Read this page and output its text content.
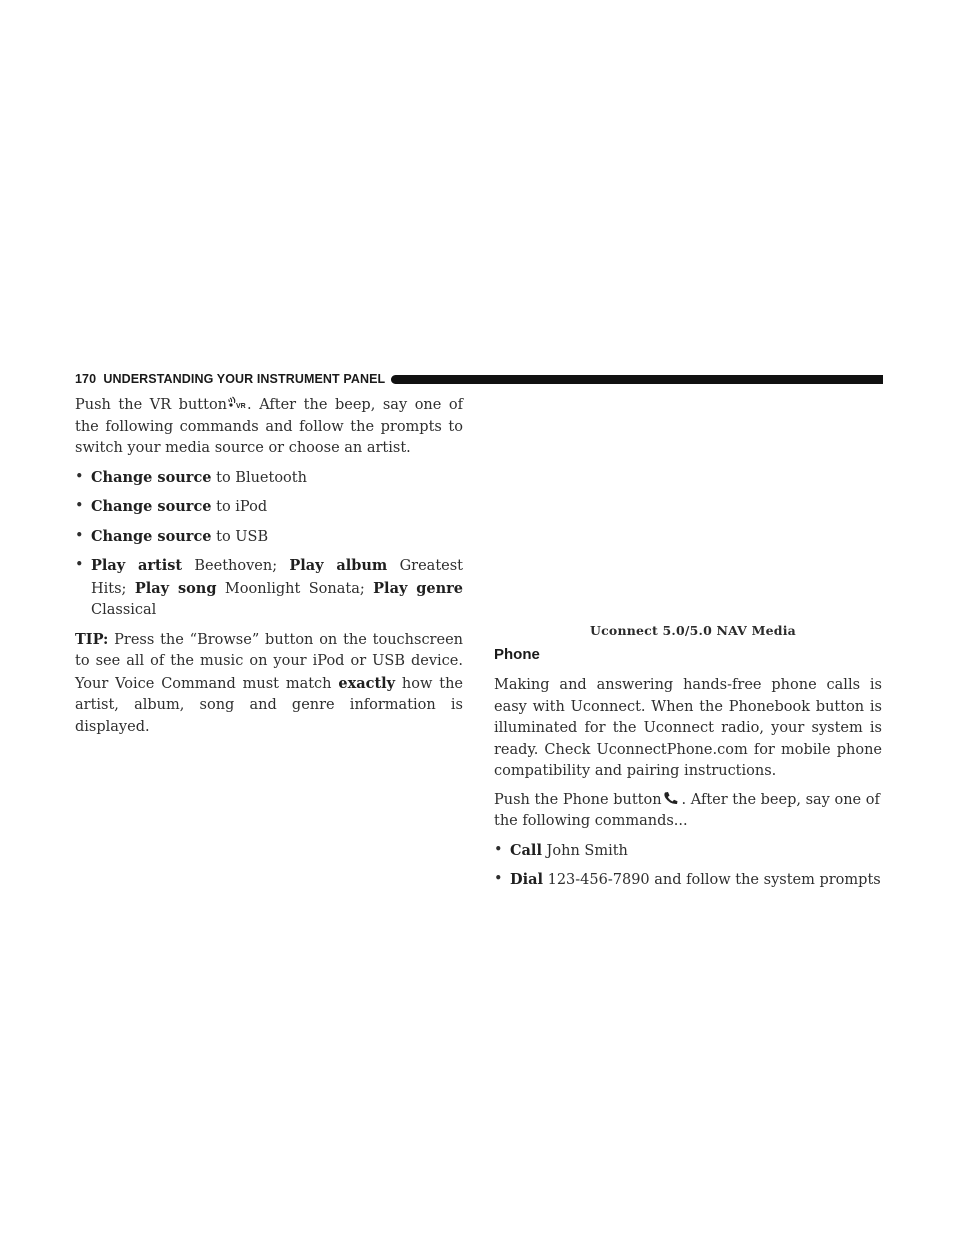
170 UNDERSTANDING YOUR INSTRUMENT PANEL

Push the VR button VR . After the beep, say one of the following commands and follow the prompts to switch your media source or choose an artist.

• Change source to Bluetooth
• Change source to iPod
• Change source to USB
• Play artist Beethoven; Play album Greatest Hits; Play song Moonlight Sonata; Play genre Classical

TIP: Press the “Browse” button on the touchscreen to see all of the music on your iPod or USB device. Your Voice Command must match exactly how the artist, album, song and genre information is displayed.

Uconnect 5.0/5.0 NAV Media
Phone

Making and answering hands-free phone calls is easy with Uconnect. When the Phonebook button is illuminated for the Uconnect radio, your system is ready. Check UconnectPhone.com for mobile phone compatibility and pairing instructions.

Push the Phone button . After the beep, say one of the following commands...

• Call John Smith
• Dial 123-456-7890 and follow the system prompts
